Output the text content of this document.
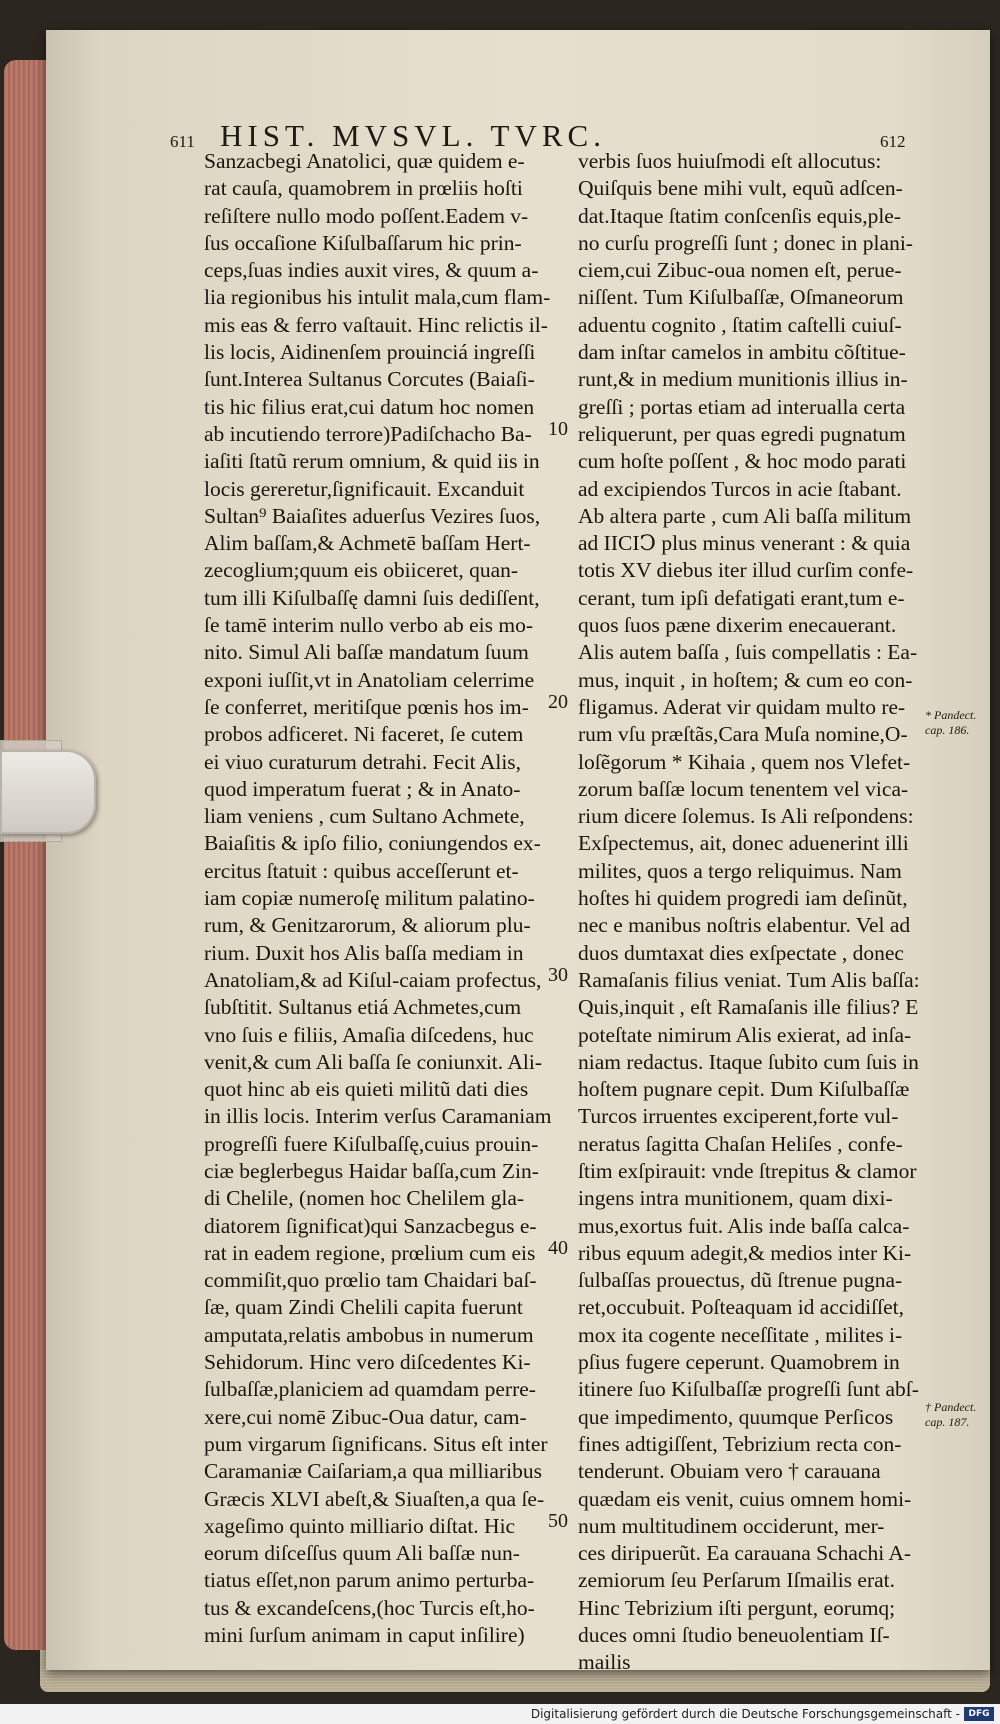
611 HIST. MVSVL. TVRC.	612
Sanzacbegi Anatolici, quæ quidem e-
rat cauſa, quamobrem in prœliis hoſti
reſiſtere nullo modo poſſent.Eadem v-
ſus occaſione Kiſulbaſſarum hic prin-
ceps,ſuas indies auxit vires, & quum a-
lia regionibus his intulit mala,cum flam-
mis eas & ferro vaſtauit. Hinc relictis il-
lis locis, Aidinenſem prouinciá ingreſſi
ſunt.Interea Sultanus Corcutes (Baiaſi-
tis hic filius erat,cui datum hoc nomen
ab incutiendo terrore)Padiſchacho Ba-
iaſiti ſtatũ rerum omnium, & quid iis in
locis gereretur,ſignificauit. Excanduit
Sultan⁹ Baiaſites aduerſus Vezires ſuos,
Alim baſſam,& Achmetē baſſam Hert-
zecoglium;quum eis obiiceret, quan-
tum illi Kiſulbaſſę damni ſuis dediſſent,
ſe tamē interim nullo verbo ab eis mo-
nito. Simul Ali baſſæ mandatum ſuum
exponi iuſſit,vt in Anatoliam celerrime
ſe conferret, meritiſque pœnis hos im-
probos adficeret. Ni faceret, ſe cutem
ei viuo curaturum detrahi. Fecit Alis,
quod imperatum fuerat ; & in Anato-
liam veniens , cum Sultano Achmete,
Baiaſitis & ipſo filio, coniungendos ex-
ercitus ſtatuit : quibus acceſſerunt et-
iam copiæ numeroſę militum palatino-
rum, & Genitzarorum, & aliorum plu-
rium. Duxit hos Alis baſſa mediam in
Anatoliam,& ad Kiſul-caiam profectus,
ſubſtitit. Sultanus etiá Achmetes,cum
vno ſuis e filiis, Amaſia diſcedens, huc
venit,& cum Ali baſſa ſe coniunxit. Ali-
quot hinc ab eis quieti militũ dati dies
in illis locis. Interim verſus Caramaniam
progreſſi fuere Kiſulbaſſę,cuius prouin-
ciæ beglerbegus Haidar baſſa,cum Zin-
di Chelile, (nomen hoc Chelilem gla-
diatorem ſignificat)qui Sanzacbegus e-
rat in eadem regione, prœlium cum eis
commiſit,quo prœlio tam Chaidari baſ-
ſæ, quam Zindi Chelili capita fuerunt
amputata,relatis ambobus in numerum
Sehidorum. Hinc vero diſcedentes Ki-
ſulbaſſæ,planiciem ad quamdam perre-
xere,cui nomē Zibuc-Oua datur, cam-
pum virgarum ſignificans. Situs eſt inter
Caramaniæ Caiſariam,a qua milliaribus
Græcis XLVI abeſt,& Siuaſten,a qua ſe-
xageſimo quinto milliario diſtat. Hic
eorum diſceſſus quum Ali baſſæ nun-
tiatus eſſet,non parum animo perturba-
tus & excandeſcens,(hoc Turcis eſt,ho-
mini ſurſum animam in caput inſilire)
verbis ſuos huiuſmodi eſt allocutus:
Quiſquis bene mihi vult, equũ adſcen-
dat.Itaque ſtatim conſcenſis equis,ple-
no curſu progreſſi ſunt ; donec in plani-
ciem,cui Zibuc-oua nomen eſt, perue-
niſſent. Tum Kiſulbaſſæ, Oſmaneorum
aduentu cognito , ſtatim caſtelli cuiuſ-
dam inſtar camelos in ambitu cõſtitue-
runt,& in medium munitionis illius in-
greſſi ; portas etiam ad interualla certa
reliquerunt, per quas egredi pugnatum
cum hoſte poſſent , & hoc modo parati
ad excipiendos Turcos in acie ſtabant.
Ab altera parte , cum Ali baſſa militum
ad IICIↃ plus minus venerant : & quia
totis XV diebus iter illud curſim confe-
cerant, tum ipſi defatigati erant,tum e-
quos ſuos pæne dixerim enecauerant.
Alis autem baſſa , ſuis compellatis : Ea-
mus, inquit , in hoſtem; & cum eo con-
fligamus. Aderat vir quidam multo re-
rum vſu præſtãs,Cara Muſa nomine,O-
loſẽgorum * Kihaia , quem nos Vlefet-
zorum baſſæ locum tenentem vel vica-
rium dicere ſolemus. Is Ali reſpondens:
Exſpectemus, ait, donec aduenerint illi
milites, quos a tergo reliquimus. Nam
hoſtes hi quidem progredi iam deſinũt,
nec e manibus noſtris elabentur. Vel ad
duos dumtaxat dies exſpectate , donec
Ramaſanis filius veniat. Tum Alis baſſa:
Quis,inquit , eſt Ramaſanis ille filius? E
poteſtate nimirum Alis exierat, ad inſa-
niam redactus. Itaque ſubito cum ſuis in
hoſtem pugnare cepit. Dum Kiſulbaſſæ
Turcos irruentes exciperent,forte vul-
neratus ſagitta Chaſan Heliſes , confe-
ſtim exſpirauit: vnde ſtrepitus & clamor
ingens intra munitionem, quam dixi-
mus,exortus fuit. Alis inde baſſa calca-
ribus equum adegit,& medios inter Ki-
ſulbaſſas prouectus, dũ ſtrenue pugna-
ret,occubuit. Poſteaquam id accidiſſet,
mox ita cogente neceſſitate , milites i-
pſius fugere ceperunt. Quamobrem in
itinere ſuo Kiſulbaſſæ progreſſi ſunt abſ-
que impedimento, quumque Perſicos
fines adtigiſſent, Tebrizium recta con-
tenderunt. Obuiam vero † carauana
quædam eis venit, cuius omnem homi-
num multitudinem occiderunt, mer-
ces diripuerũt. Ea carauana Schachi A-
zemiorum ſeu Perſarum Iſmailis erat.
Hinc Tebrizium iſti pergunt, eorumq;
duces omni ſtudio beneuolentiam Iſ-
mailis
10
20
30
40
50
* Pandect. cap. 186.
† Pandect. cap. 187.
Digitalisierung gefördert durch die Deutsche Forschungsgemeinschaft - DFG
